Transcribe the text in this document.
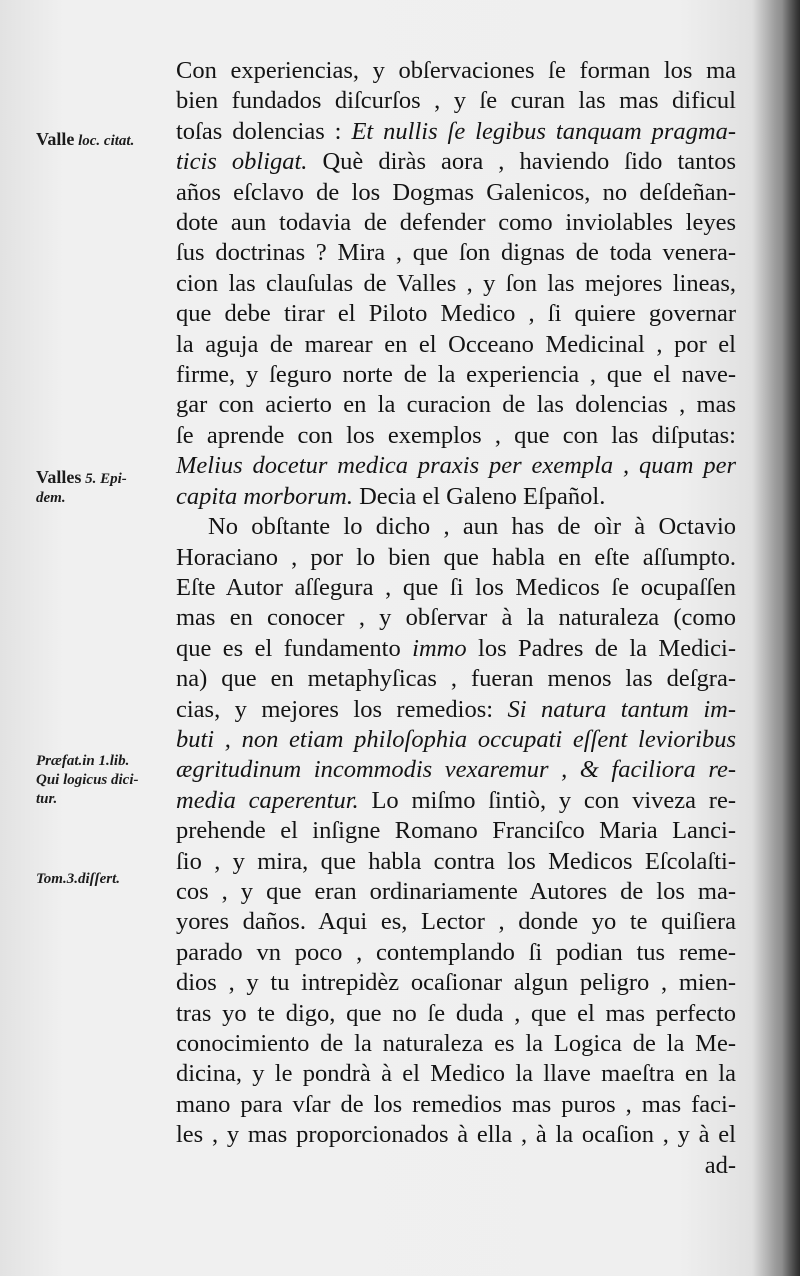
Valle loc. citat.
Valles 5. Epi-
dem.
Præfat.in 1.lib.
Qui logicus dici-
tur.
Tom.3.diſſert.
Con experiencias, y obſervaciones ſe forman los ma
bien fundados diſcurſos , y ſe curan las mas dificul
toſas dolencias : Et nullis ſe legibus tanquam pragma-
ticis obligat. Què diràs aora , haviendo ſido tantos
años eſclavo de los Dogmas Galenicos, no deſdeñan-
dote aun todavia de defender como inviolables leyes
ſus doctrinas ? Mira , que ſon dignas de toda venera-
cion las clauſulas de Valles , y ſon las mejores lineas,
que debe tirar el Piloto Medico , ſi quiere governar
la aguja de marear en el Occeano Medicinal , por el
firme, y ſeguro norte de la experiencia , que el nave-
gar con acierto en la curacion de las dolencias , mas
ſe aprende con los exemplos , que con las diſputas:
Melius docetur medica praxis per exempla , quam per
capita morborum. Decia el Galeno Eſpañol.
No obſtante lo dicho , aun has de oìr à Octavio
Horaciano , por lo bien que habla en eſte aſſumpto.
Eſte Autor aſſegura , que ſi los Medicos ſe ocupaſſen
mas en conocer , y obſervar à la naturaleza (como
que es el fundamento immo los Padres de la Medici-
na) que en metaphyſicas , fueran menos las deſgra-
cias, y mejores los remedios: Si natura tantum im-
buti , non etiam philoſophia occupati eſſent levioribus
ægritudinum incommodis vexaremur , & faciliora re-
media caperentur. Lo miſmo ſintiò, y con viveza re-
prehende el inſigne Romano Franciſco Maria Lanci-
ſio , y mira, que habla contra los Medicos Eſcolaſti-
cos , y que eran ordinariamente Autores de los ma-
yores daños. Aqui es, Lector , donde yo te quiſiera
parado vn poco , contemplando ſi podian tus reme-
dios , y tu intrepidèz ocaſionar algun peligro , mien-
tras yo te digo, que no ſe duda , que el mas perfecto
conocimiento de la naturaleza es la Logica de la Me-
dicina, y le pondrà à el Medico la llave maeſtra en la
mano para vſar de los remedios mas puros , mas faci-
les , y mas proporcionados à ella , à la ocaſion , y à el
ad-
